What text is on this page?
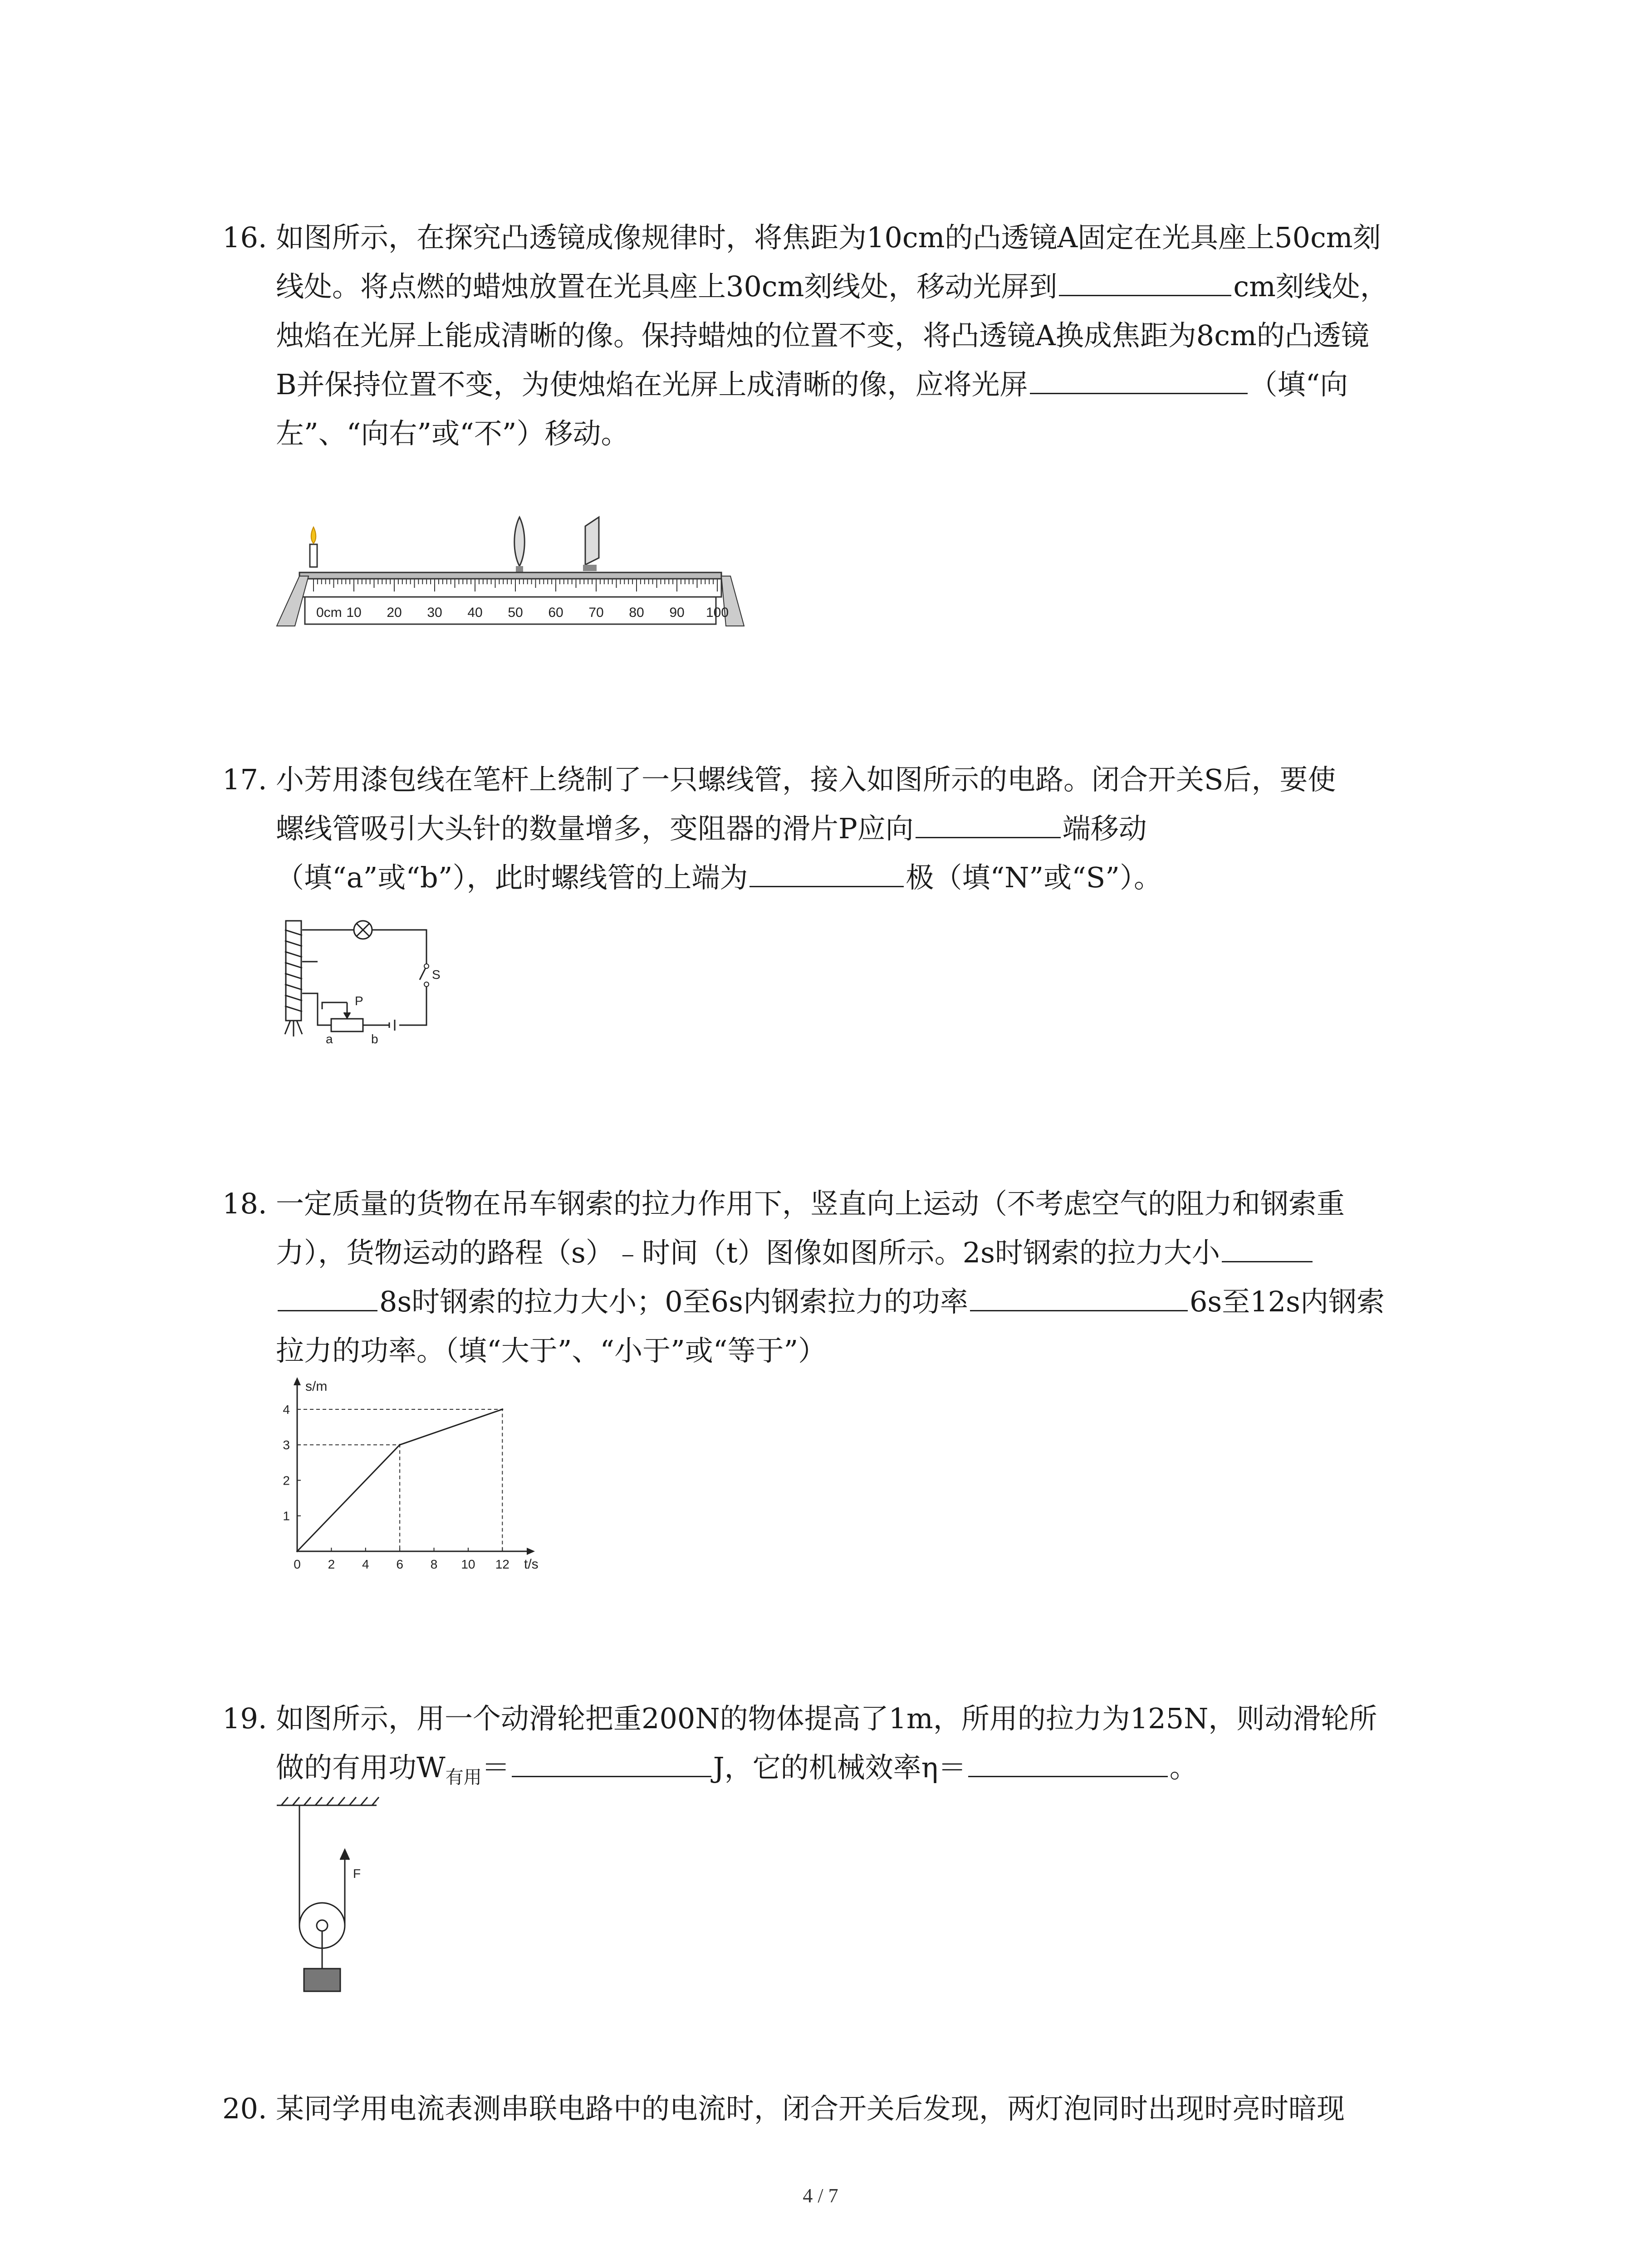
16. 如图所示，在探究凸透镜成像规律时，将焦距为10cm的凸透镜A固定在光具座上50cm刻
线处。将点燃的蜡烛放置在光具座上30cm刻线处，移动光屏到	cm刻线处，
烛焰在光屏上能成清晰的像。保持蜡烛的位置不变，将凸透镜A换成焦距为8cm的凸透镜
B并保持位置不变，为使烛焰在光屏上成清晰的像，应将光屏	（填“向
左”、“向右”或“不”）移动。
0cm 10 20 30 40 50 60 70 80 90 100
17. 小芳用漆包线在笔杆上绕制了一只螺线管，接入如图所示的电路。闭合开关S后，要使
螺线管吸引大头针的数量增多，变阻器的滑片P应向	端移动
（填“a”或“b”），此时螺线管的上端为	极（填“N”或“S”）。
P
S
a	b
18. 一定质量的货物在吊车钢索的拉力作用下，竖直向上运动（不考虑空气的阻力和钢索重
力），货物运动的路程（s）﹣时间（t）图像如图所示。2s时钢索的拉力大小
8s时钢索的拉力大小；0至6s内钢索拉力的功率	6s至12s内钢索
拉力的功率。（填“大于”、“小于”或“等于”）
s/m
t/s
0 2 4 6 8 10 12
1
2
3
4
19. 如图所示，用一个动滑轮把重200N的物体提高了1m，所用的拉力为125N，则动滑轮所
做的有用功$W_{有用}=$	J，它的机械效率η＝	。
F
20. 某同学用电流表测串联电路中的电流时，闭合开关后发现，两灯泡同时出现时亮时暗现
4 / 7
